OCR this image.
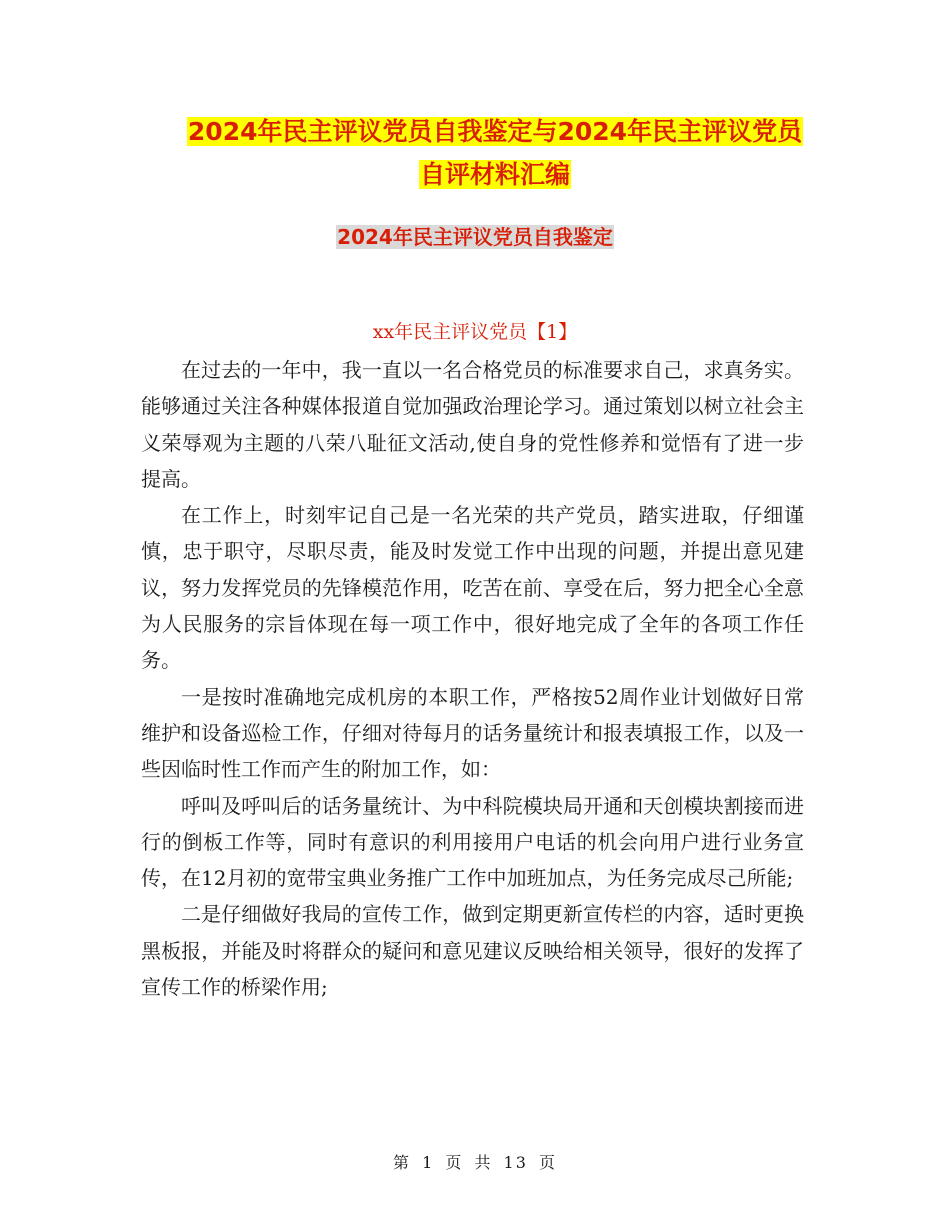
2024年民主评议党员自我鉴定与2024年民主评议党员
自评材料汇编
2024年民主评议党员自我鉴定
xx年民主评议党员【1】

在过去的一年中，我一直以一名合格党员的标准要求自己，求真务实。能够通过关注各种媒体报道自觉加强政治理论学习。通过策划以树立社会主义荣辱观为主题的八荣八耻征文活动,使自身的党性修养和觉悟有了进一步提高。

在工作上，时刻牢记自己是一名光荣的共产党员，踏实进取，仔细谨慎，忠于职守，尽职尽责，能及时发觉工作中出现的问题，并提出意见建议，努力发挥党员的先锋模范作用，吃苦在前、享受在后，努力把全心全意为人民服务的宗旨体现在每一项工作中，很好地完成了全年的各项工作任务。

一是按时准确地完成机房的本职工作，严格按52周作业计划做好日常维护和设备巡检工作，仔细对待每月的话务量统计和报表填报工作，以及一些因临时性工作而产生的附加工作，如：

呼叫及呼叫后的话务量统计、为中科院模块局开通和天创模块割接而进行的倒板工作等，同时有意识的利用接用户电话的机会向用户进行业务宣传，在12月初的宽带宝典业务推广工作中加班加点，为任务完成尽己所能;

二是仔细做好我局的宣传工作，做到定期更新宣传栏的内容，适时更换黑板报，并能及时将群众的疑问和意见建议反映给相关领导，很好的发挥了宣传工作的桥梁作用;

第 1 页 共 13 页
